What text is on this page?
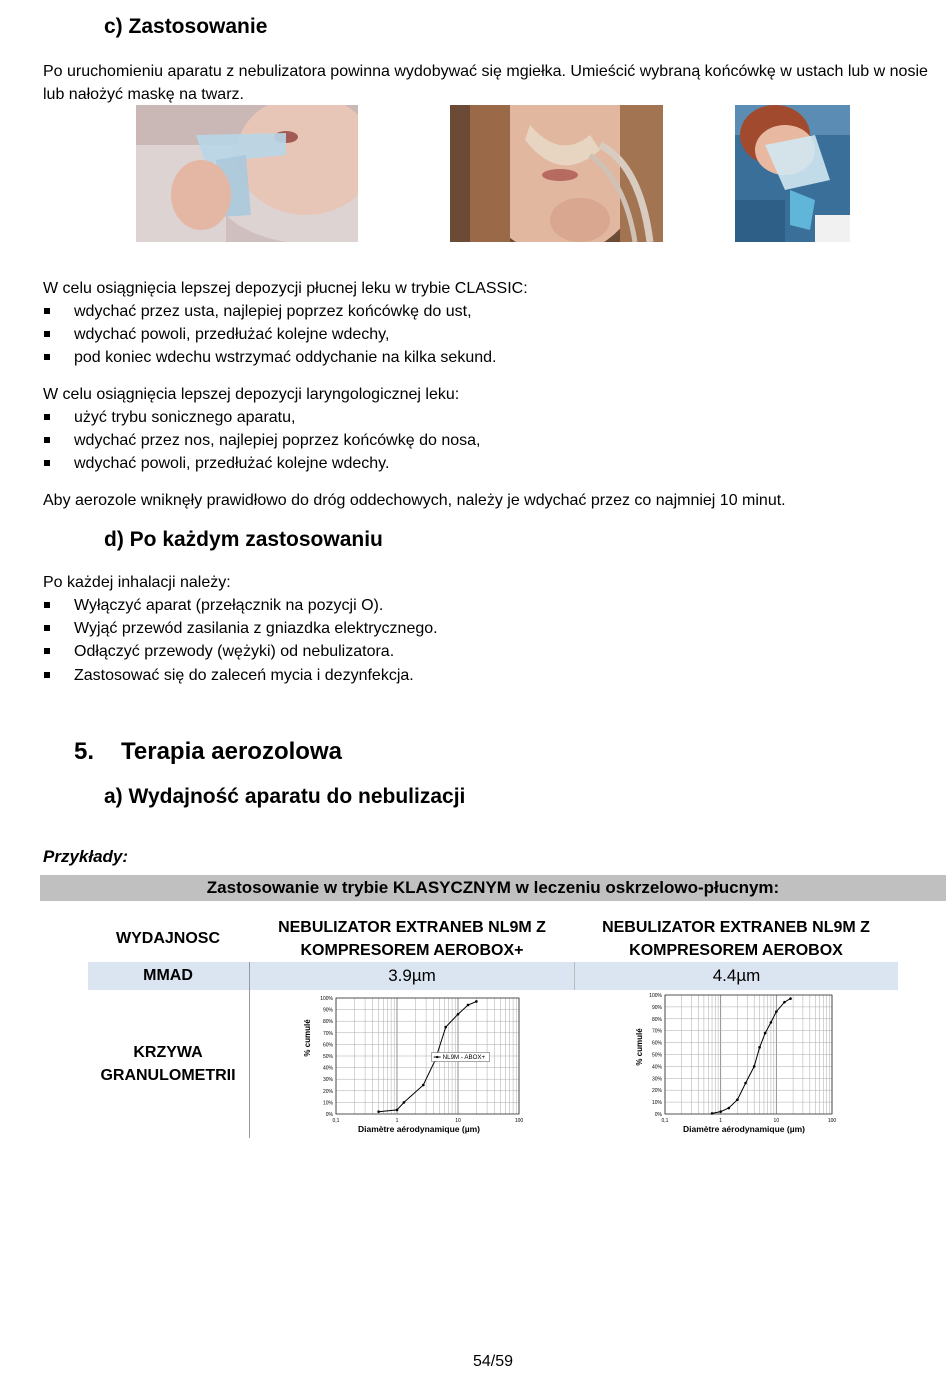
c) Zastosowanie
Po uruchomieniu aparatu z nebulizatora powinna wydobywać się mgiełka. Umieścić wybraną końcówkę w ustach lub w nosie lub nałożyć maskę na twarz.
W celu osiągnięcia lepszej depozycji płucnej leku w trybie CLASSIC:
wdychać przez usta, najlepiej poprzez końcówkę do ust,
wdychać powoli, przedłużać kolejne wdechy,
pod koniec wdechu wstrzymać oddychanie na kilka sekund.
W celu osiągnięcia lepszej depozycji laryngologicznej leku:
użyć trybu sonicznego aparatu,
wdychać przez nos, najlepiej poprzez końcówkę do nosa,
wdychać powoli, przedłużać kolejne wdechy.
Aby aerozole wniknęły prawidłowo do dróg oddechowych, należy je wdychać przez co najmniej 10 minut.
d) Po każdym zastosowaniu
Po każdej inhalacji należy:
Wyłączyć aparat (przełącznik na pozycji O).
Wyjąć przewód zasilania z gniazdka elektrycznego.
Odłączyć przewody (wężyki) od nebulizatora.
Zastosować się do zaleceń mycia i dezynfekcja.
5. Terapia aerozolowa
a) Wydajność aparatu do nebulizacji
Przykłady:
Zastosowanie w trybie KLASYCZNYM w leczeniu oskrzelowo-płucnym:
WYDAJNOSC
NEBULIZATOR EXTRANEB NL9M Z KOMPRESOREM AEROBOX+
NEBULIZATOR EXTRANEB NL9M Z KOMPRESOREM AEROBOX
MMAD	3.9µm	4.4µm
KRZYWA GRANULOMETRII
% cumulé
Diamètre aérodynamique (µm)
0%
10%
20%
30%
40%
50%
60%
70%
80%
90%
100%
0,1	1	10	100
NL9M - ABOX+	% cumulé
Diamètre aérodynamique (µm)
0%
10%
20%
30%
40%
50%
60%
70%
80%
90%
100%
0,1	1	10	100
54/59
